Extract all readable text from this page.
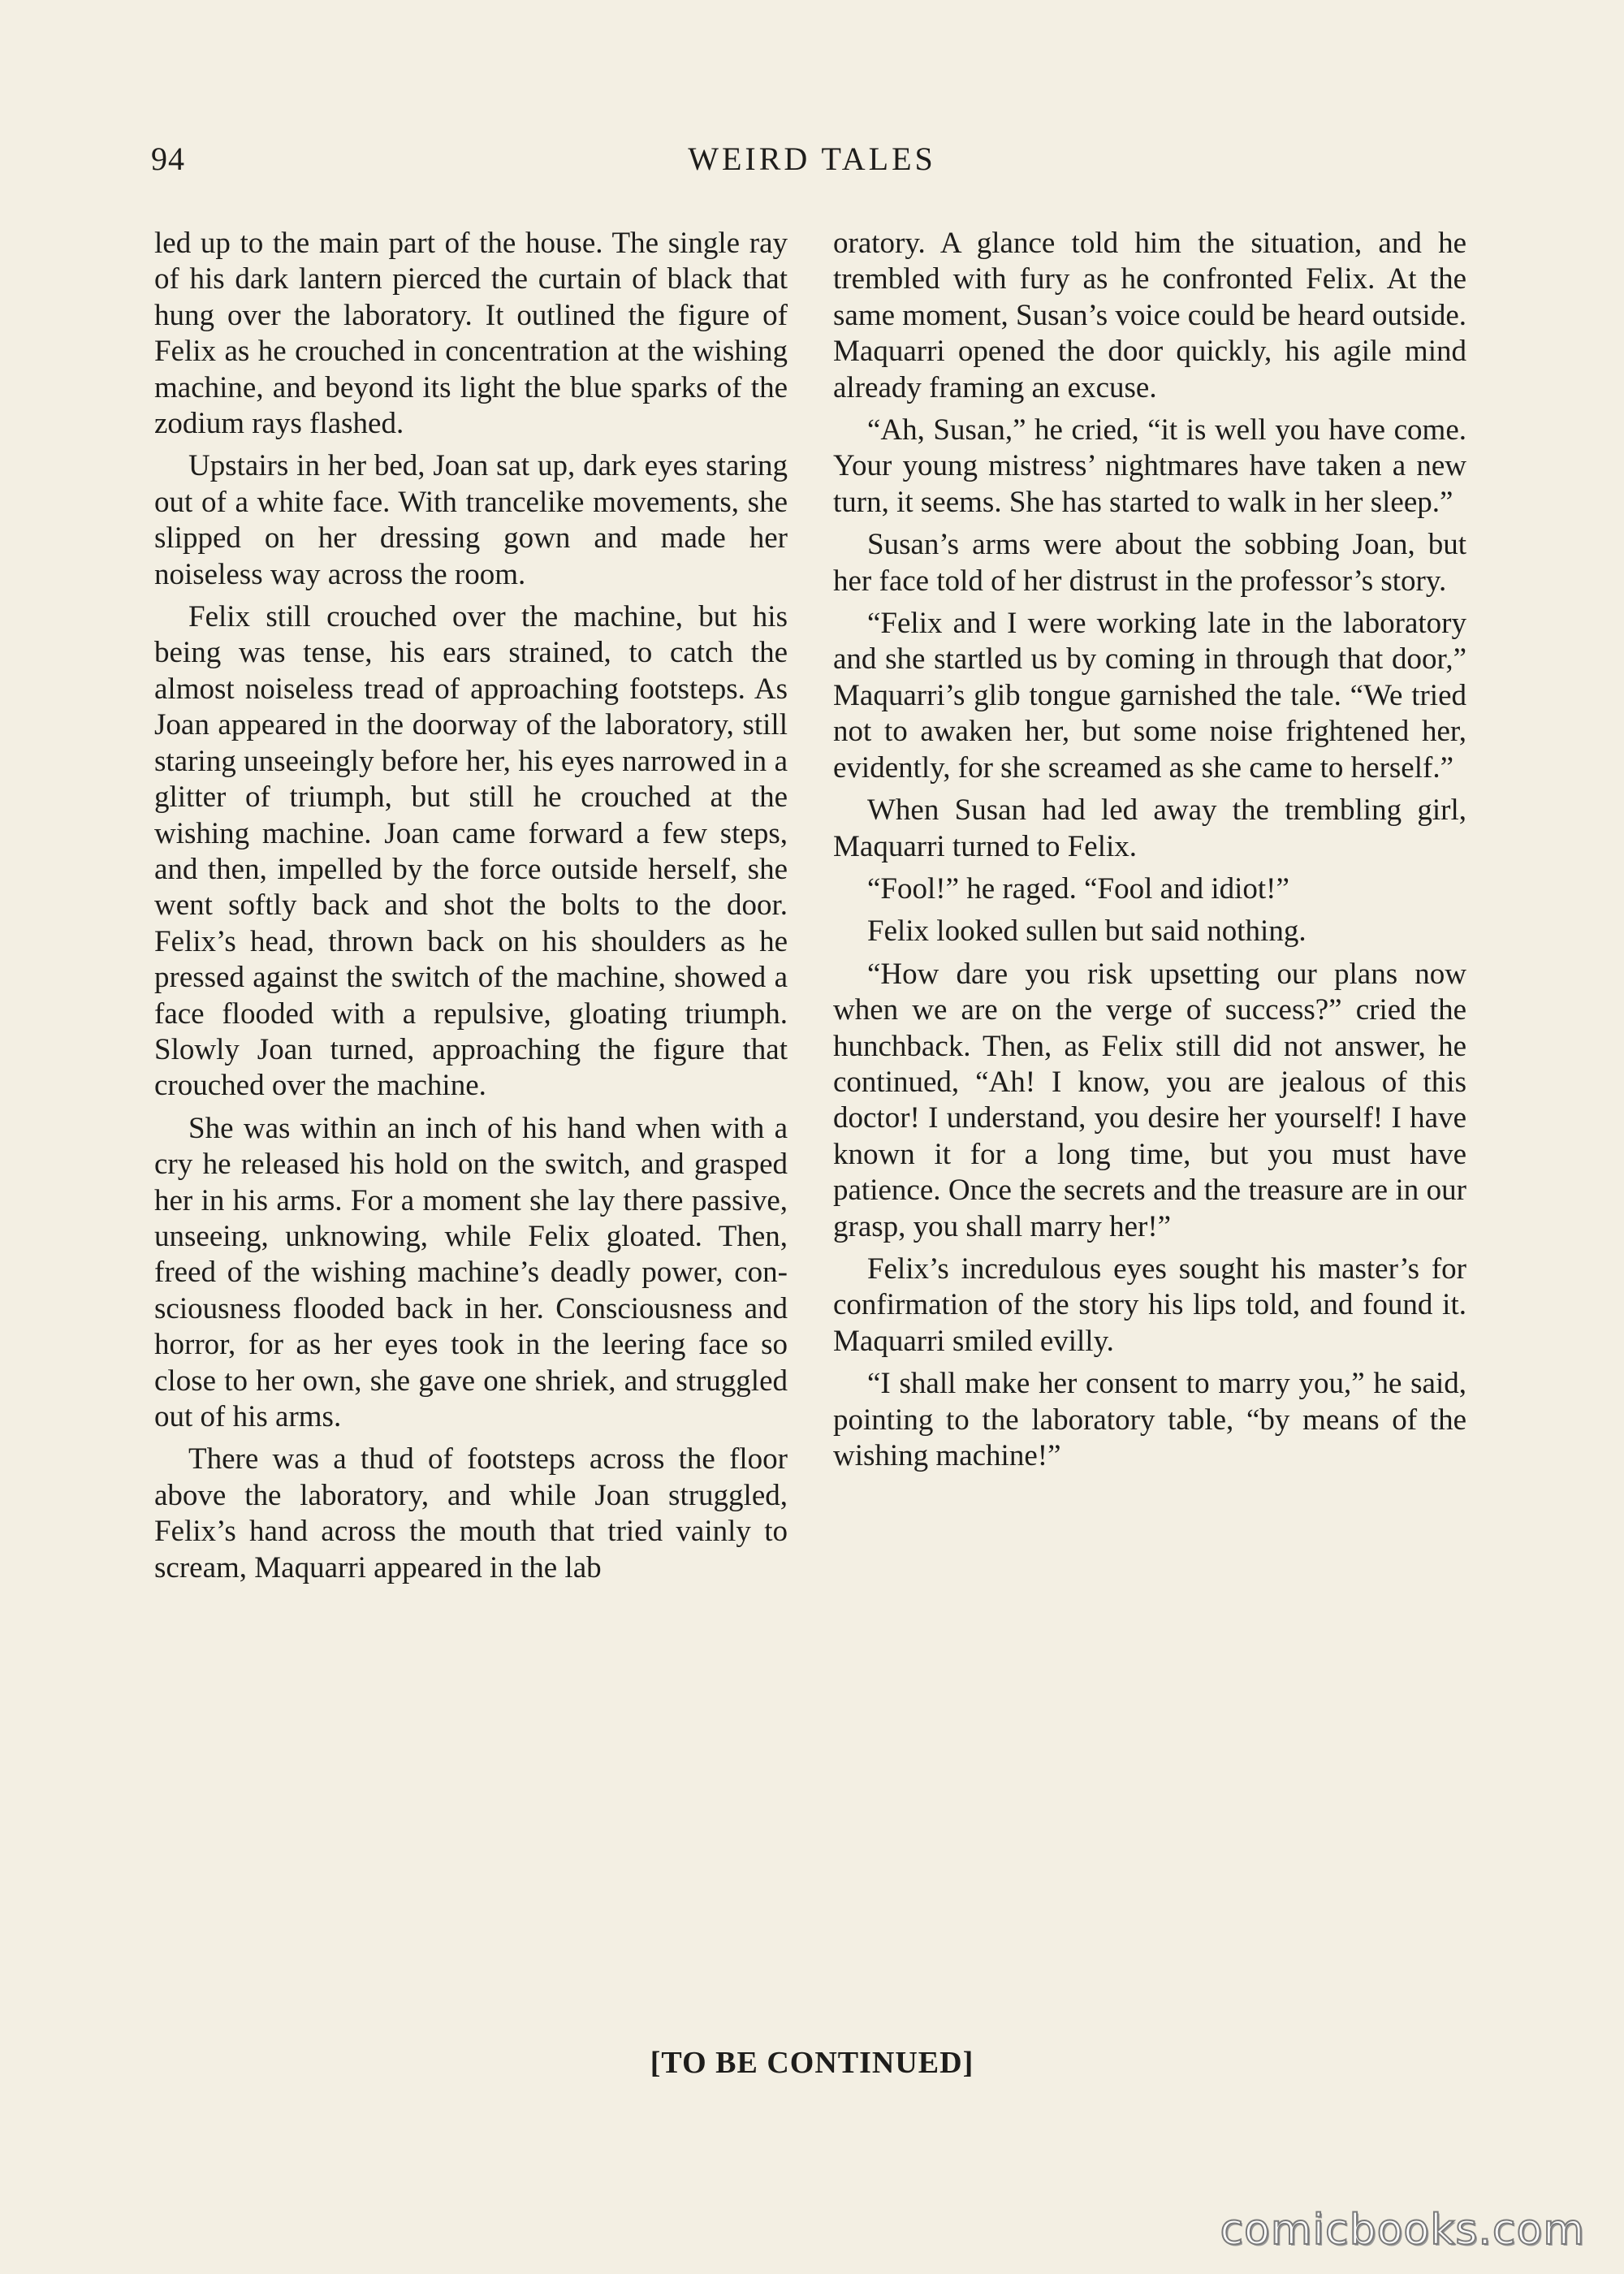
94	WEIRD TALES

led up to the main part of the house. The single ray of his dark lantern pierced the curtain of black that hung over the laboratory. It outlined the figure of Felix as he crouched in concentration at the wishing machine, and beyond its light the blue sparks of the zodium rays flashed.

Upstairs in her bed, Joan sat up, dark eyes staring out of a white face. With trancelike movements, she slipped on her dressing gown and made her noiseless way across the room.

Felix still crouched over the machine, but his being was tense, his ears strained, to catch the almost noiseless tread of approaching footsteps. As Joan appeared in the doorway of the laboratory, still staring unseeingly before her, his eyes narrowed in a glitter of triumph, but still he crouched at the wishing machine. Joan came forward a few steps, and then, impelled by the force outside herself, she went softly back and shot the bolts to the door. Felix’s head, thrown back on his shoulders as he pressed against the switch of the machine, showed a face flooded with a repulsive, gloating triumph. Slowly Joan turned, approaching the figure that crouched over the machine.

She was within an inch of his hand when with a cry he released his hold on the switch, and grasped her in his arms. For a moment she lay there passive, unseeing, unknowing, while Felix gloated. Then, freed of the wishing machine’s deadly power, consciousness flooded back in her. Consciousness and horror, for as her eyes took in the leering face so close to her own, she gave one shriek, and struggled out of his arms.

There was a thud of footsteps across the floor above the laboratory, and while Joan struggled, Felix’s hand across the mouth that tried vainly to scream, Maquarri appeared in the lab

oratory. A glance told him the situation, and he trembled with fury as he confronted Felix. At the same moment, Susan’s voice could be heard outside. Maquarri opened the door quickly, his agile mind already framing an excuse.

“Ah, Susan,” he cried, “it is well you have come. Your young mistress’ nightmares have taken a new turn, it seems. She has started to walk in her sleep.”

Susan’s arms were about the sobbing Joan, but her face told of her distrust in the professor’s story.

“Felix and I were working late in the laboratory and she startled us by coming in through that door,” Maquarri’s glib tongue garnished the tale. “We tried not to awaken her, but some noise frightened her, evidently, for she screamed as she came to herself.”

When Susan had led away the trembling girl, Maquarri turned to Felix.

“Fool!” he raged. “Fool and idiot!”

Felix looked sullen but said nothing.

“How dare you risk upsetting our plans now when we are on the verge of success?” cried the hunchback. Then, as Felix still did not answer, he continued, “Ah! I know, you are jealous of this doctor! I understand, you desire her yourself! I have known it for a long time, but you must have patience. Once the secrets and the treasure are in our grasp, you shall marry her!”

Felix’s incredulous eyes sought his master’s for confirmation of the story his lips told, and found it. Maquarri smiled evilly.

“I shall make her consent to marry you,” he said, pointing to the laboratory table, “by means of the wishing machine!”

[TO BE CONTINUED]
comicbooks.com
